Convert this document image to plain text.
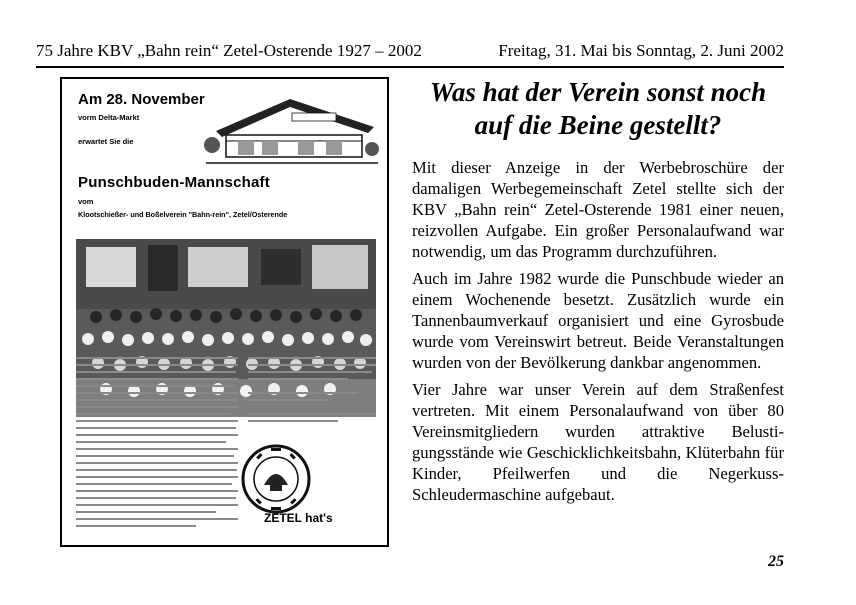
75 Jahre KBV „Bahn rein“ Zetel-Osterende 1927 – 2002	Freitag, 31. Mai bis Sonntag, 2. Juni 2002
Am 28. November
vorm Delta-Markt
erwartet Sie die
Punschbuden-Mannschaft
vom
Klootschießer- und Boßelverein "Bahn-rein", Zetel/Osterende
ZETEL hat's
Was hat der Verein sonst noch
auf die Beine gestellt?

Mit dieser Anzeige in der Werbebroschüre der damaligen Werbegemeinschaft Zetel stellte sich der KBV „Bahn rein“ Zetel-Osterende 1981 einer neuen, reizvollen Aufgabe. Ein großer Personalaufwand war notwendig, um das Programm durchzuführen.

Auch im Jahre 1982 wurde die Punschbude wieder an einem Wochenende besetzt. Zusätzlich wurde ein Tannenbaumverkauf organisiert und eine Gyrosbude wurde vom Vereinswirt betreut. Beide Veranstaltungen wurden von der Bevölkerung dankbar angenommen.

Vier Jahre war unser Verein auf dem Straßenfest vertreten. Mit einem Personalaufwand von über 80 Vereinsmitgliedern wurden attraktive Belustigungsstände wie Geschicklichkeitsbahn, Klüterbahn für Kinder, Pfeilwerfen und die Negerkuss-Schleudermaschine aufgebaut.

25
